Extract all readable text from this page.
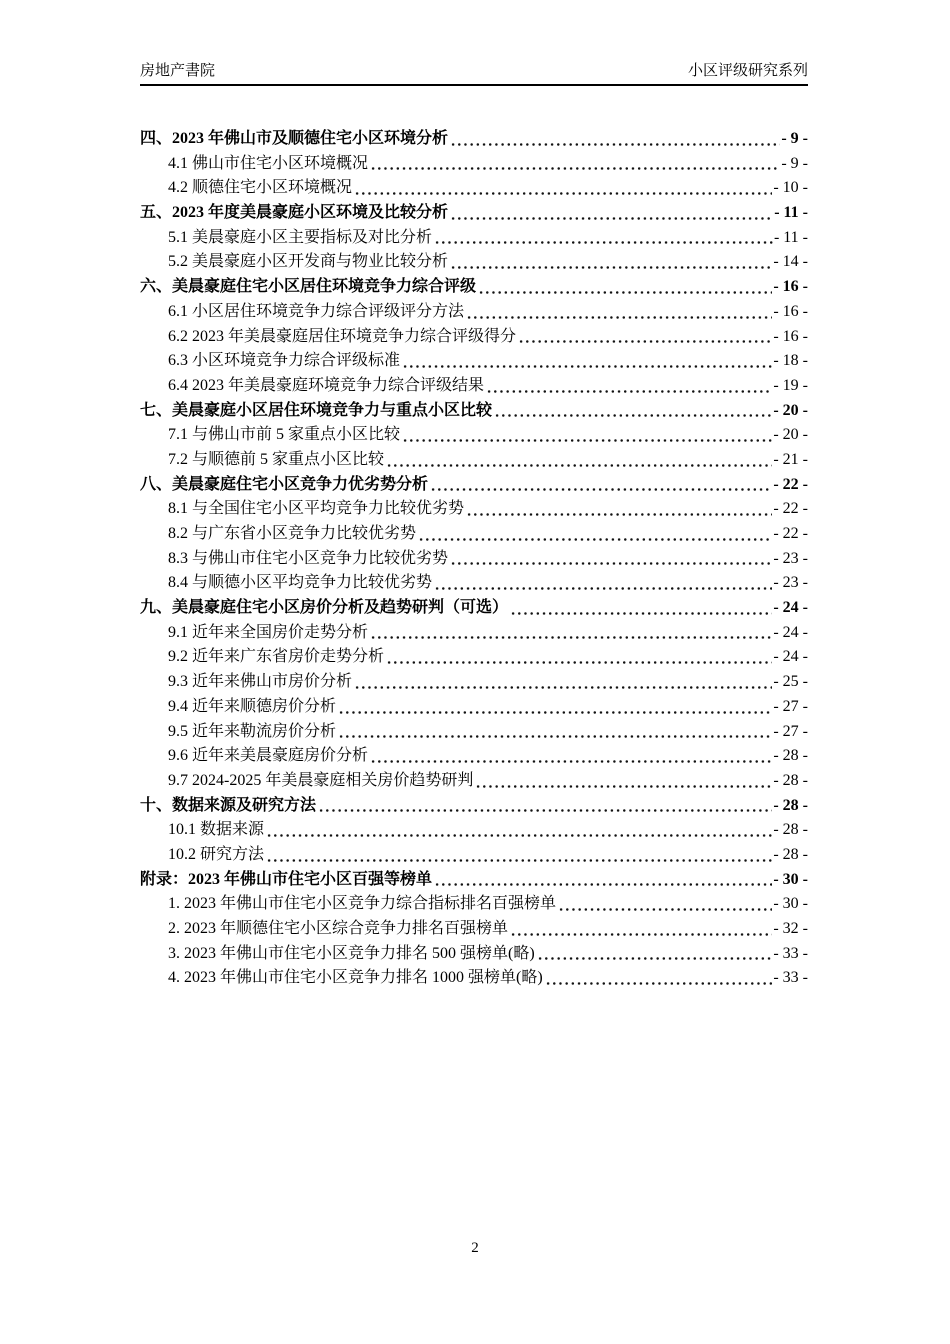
房地产書院	小区评级研究系列
四、2023 年佛山市及顺德住宅小区环境分析	- 9 -
4.1 佛山市住宅小区环境概况	- 9 -
4.2 顺德住宅小区环境概况	- 10 -
五、2023 年度美晨豪庭小区环境及比较分析	- 11 -
5.1 美晨豪庭小区主要指标及对比分析	- 11 -
5.2 美晨豪庭小区开发商与物业比较分析	- 14 -
六、美晨豪庭住宅小区居住环境竞争力综合评级	- 16 -
6.1 小区居住环境竞争力综合评级评分方法	- 16 -
6.2 2023 年美晨豪庭居住环境竞争力综合评级得分	- 16 -
6.3 小区环境竞争力综合评级标准	- 18 -
6.4 2023 年美晨豪庭环境竞争力综合评级结果	- 19 -
七、美晨豪庭小区居住环境竞争力与重点小区比较	- 20 -
7.1 与佛山市前 5 家重点小区比较	- 20 -
7.2 与顺德前 5 家重点小区比较	- 21 -
八、美晨豪庭住宅小区竞争力优劣势分析	- 22 -
8.1 与全国住宅小区平均竞争力比较优劣势	- 22 -
8.2 与广东省小区竞争力比较优劣势	- 22 -
8.3 与佛山市住宅小区竞争力比较优劣势	- 23 -
8.4 与顺德小区平均竞争力比较优劣势	- 23 -
九、美晨豪庭住宅小区房价分析及趋势研判（可选）	- 24 -
9.1 近年来全国房价走势分析	- 24 -
9.2 近年来广东省房价走势分析	- 24 -
9.3 近年来佛山市房价分析	- 25 -
9.4 近年来顺德房价分析	- 27 -
9.5 近年来勒流房价分析	- 27 -
9.6 近年来美晨豪庭房价分析	- 28 -
9.7 2024-2025 年美晨豪庭相关房价趋势研判	- 28 -
十、数据来源及研究方法	- 28 -
10.1 数据来源	- 28 -
10.2 研究方法	- 28 -
附录：2023 年佛山市住宅小区百强等榜单	- 30 -
1. 2023 年佛山市住宅小区竞争力综合指标排名百强榜单	- 30 -
2. 2023 年顺德住宅小区综合竞争力排名百强榜单	- 32 -
3. 2023 年佛山市住宅小区竞争力排名 500 强榜单(略)	- 33 -
4. 2023 年佛山市住宅小区竞争力排名 1000 强榜单(略)	- 33 -
2
